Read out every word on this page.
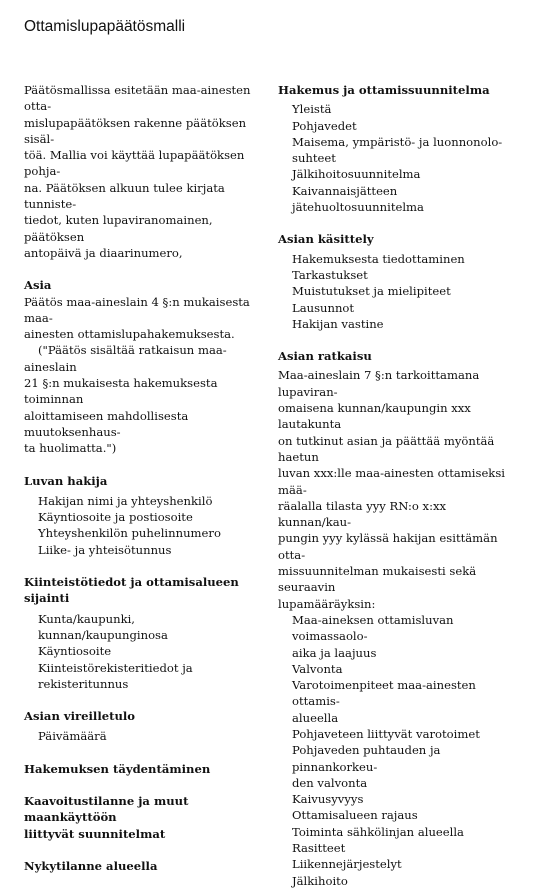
Ottamislupapäätösmalli

Päätösmallissa esitetään maa-ainesten otta-

mislupapäätöksen rakenne päätöksen sisäl-

töä. Mallia voi käyttää lupapäätöksen pohja-

na. Päätöksen alkuun tulee kirjata tunniste-

tiedot, kuten lupaviranomainen, päätöksen

antopäivä ja diaarinumero,

Asia

Päätös maa-aineslain 4 §:n mukaisesta maa-

ainesten ottamislupahakemuksesta.

("Päätös sisältää ratkaisun maa-aineslain

21 §:n mukaisesta hakemuksesta toiminnan

aloittamiseen mahdollisesta muutoksenhaus-

ta huolimatta.")

Luvan hakija

Hakijan nimi ja yhteyshenkilö

Käyntiosoite ja postiosoite

Yhteyshenkilön puhelinnumero

Liike- ja yhteisötunnus

Kiinteistötiedot ja ottamisalueen sijainti

Kunta/kaupunki, kunnan/kaupunginosa

Käyntiosoite

Kiinteistörekisteritiedot ja rekisteritunnus

Asian vireilletulo

Päivämäärä

Hakemuksen täydentäminen
Kaavoitustilanne ja muut maankäyttöön
liittyvät suunnitelmat
Nykytilanne alueella
Hakemus ja ottamissuunnitelma

Yleistä

Pohjavedet

Maisema, ympäristö- ja luonnonolo-

suhteet

Jälkihoitosuunnitelma

Kaivannaisjätteen jätehuoltosuunnitelma

Asian käsittely

Hakemuksesta tiedottaminen

Tarkastukset

Muistutukset ja mielipiteet

Lausunnot

Hakijan vastine

Asian ratkaisu

Maa-aineslain 7 §:n tarkoittamana lupaviran-

omaisena kunnan/kaupungin xxx lautakunta

on tutkinut asian ja päättää myöntää haetun

luvan xxx:lle maa-ainesten ottamiseksi mää-

räalalla tilasta yyy RN:o x:xx kunnan/kau-

pungin yyy kylässä hakijan esittämän otta-

missuunnitelman mukaisesti sekä seuraavin

lupamääräyksin:

Maa-aineksen ottamisluvan voimassaolo-

aika ja laajuus

Valvonta

Varotoimenpiteet maa-ainesten ottamis-

alueella

Pohjaveteen liittyvät varotoimet

Pohjaveden puhtauden ja pinnankorkeu-

den valvonta

Kaivusyvyys

Ottamisalueen rajaus

Toiminta sähkölinjan alueella

Rasitteet

Liikennejärjestelyt

Jälkihoito
